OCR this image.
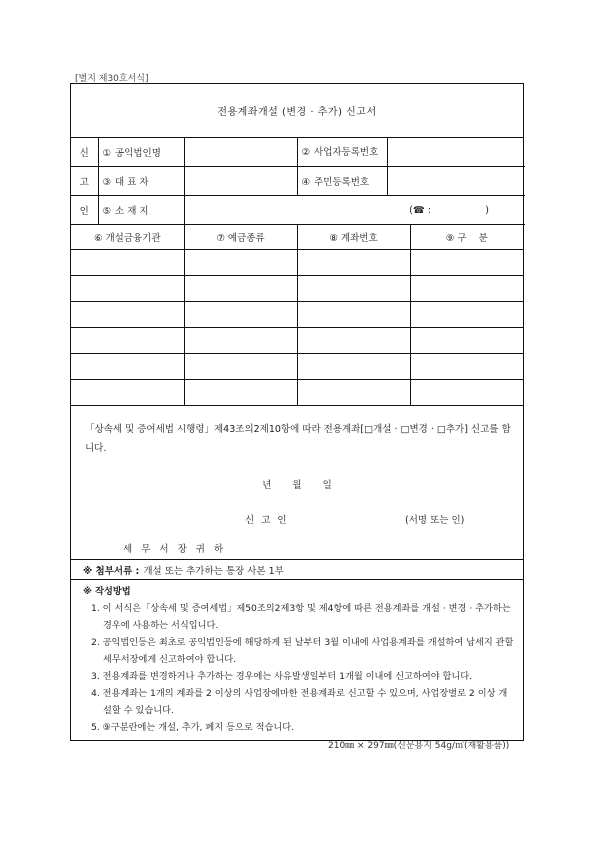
[별지 제30호서식]
전용계좌개설 (변경 · 추가) 신고서
신	① 공익법인명		② 사업자등록번호	
고	③ 대 표 자		④ 주민등록번호	
인	⑤ 소 재 지	(☎ :                  )		
⑥ 개설금융기관	⑦ 예금종류	⑧ 계좌번호	⑨ 구    분

「상속세 및 증여세법 시행령」제43조의2제10항에 따라 전용계좌[□개설 · □변경 · □추가] 신고를 합니다.
년 월 일
신 고 인	(서명 또는 인)
세 무 서 장 귀 하
※ 첨부서류 : 개설 또는 추가하는 통장 사본 1부
※ 작성방법
1. 이 서식은「상속세 및 증여세법」제50조의2제3항 및 제4항에 따른 전용계좌를 개설 · 변경 · 추가하는 경우에 사용하는 서식입니다.
2. 공익법인등은 최초로 공익법인등에 해당하게 된 날부터 3월 이내에 사업용계좌를 개설하여 납세지 관할 세무서장에게 신고하여야 합니다.
3. 전용계좌를 변경하거나 추가하는 경우에는 사유발생일부터 1개월 이내에 신고하여야 합니다.
4. 전용계좌는 1개의 계좌를 2 이상의 사업장에마한 전용계좌로 신고할 수 있으며, 사업장별로 2 이상 개설할 수 있습니다.
5. ⑨구분란에는 개설, 추가, 폐지 등으로 적습니다.
210㎜ × 297㎜(신문용지 54g/㎡(재활용품))
